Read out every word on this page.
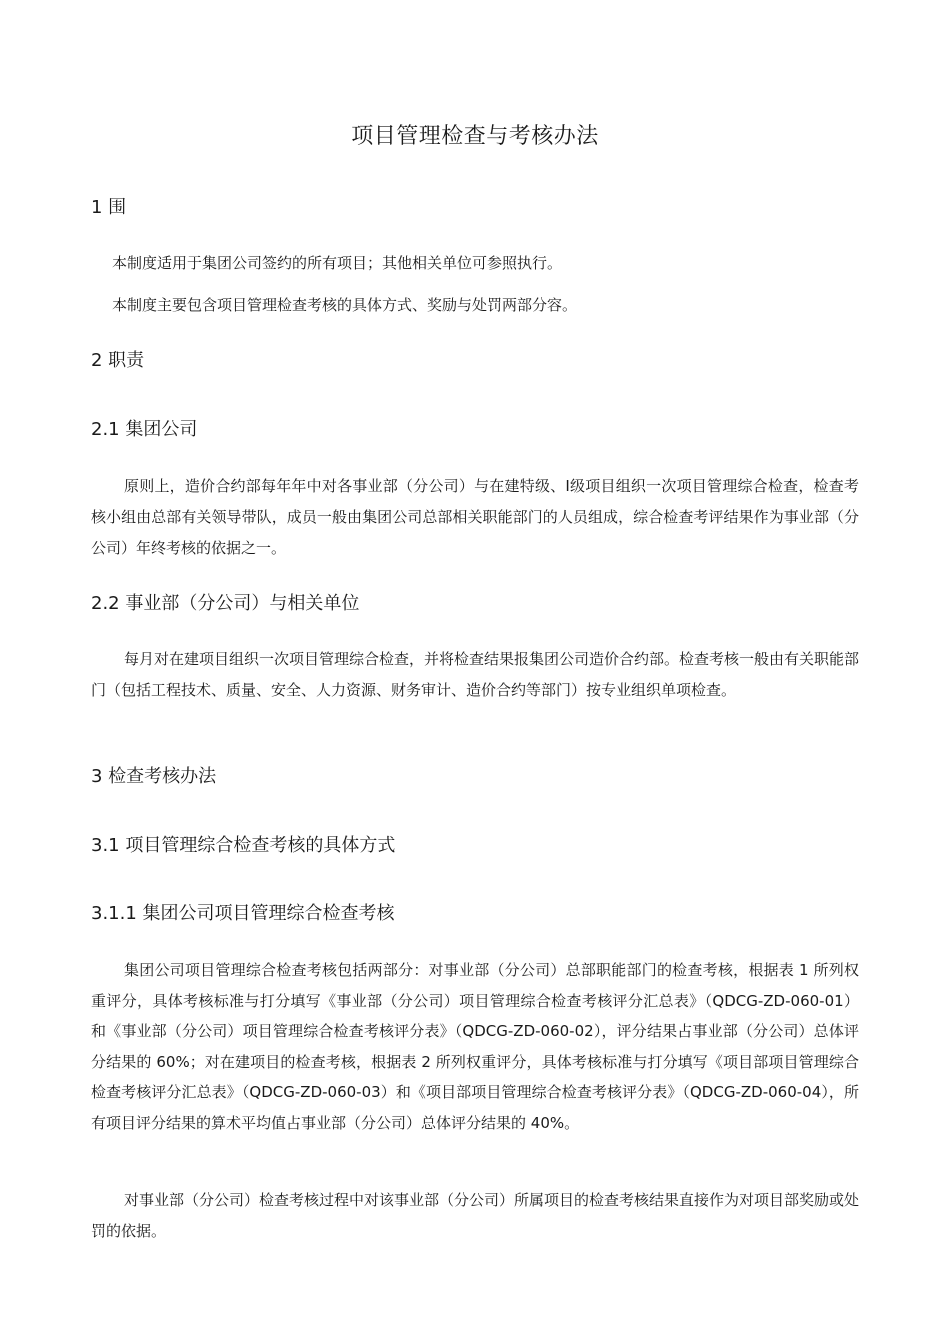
项目管理检查与考核办法
1 围
本制度适用于集团公司签约的所有项目；其他相关单位可参照执行。
本制度主要包含项目管理检查考核的具体方式、奖励与处罚两部分容。
2 职责
2.1 集团公司
原则上，造价合约部每年年中对各事业部（分公司）与在建特级、Ⅰ级项目组织一次项目管理综合检查，检查考核小组由总部有关领导带队，成员一般由集团公司总部相关职能部门的人员组成，综合检查考评结果作为事业部（分公司）年终考核的依据之一。
2.2 事业部（分公司）与相关单位
每月对在建项目组织一次项目管理综合检查，并将检查结果报集团公司造价合约部。检查考核一般由有关职能部门（包括工程技术、质量、安全、人力资源、财务审计、造价合约等部门）按专业组织单项检查。
3 检查考核办法
3.1 项目管理综合检查考核的具体方式
3.1.1 集团公司项目管理综合检查考核
集团公司项目管理综合检查考核包括两部分：对事业部（分公司）总部职能部门的检查考核，根据表 1 所列权重评分，具体考核标准与打分填写《事业部（分公司）项目管理综合检查考核评分汇总表》（QDCG-ZD-060-01）和《事业部（分公司）项目管理综合检查考核评分表》（QDCG-ZD-060-02），评分结果占事业部（分公司）总体评分结果的 60%；对在建项目的检查考核，根据表 2 所列权重评分，具体考核标准与打分填写《项目部项目管理综合检查考核评分汇总表》（QDCG-ZD-060-03）和《项目部项目管理综合检查考核评分表》（QDCG-ZD-060-04），所有项目评分结果的算术平均值占事业部（分公司）总体评分结果的 40%。
对事业部（分公司）检查考核过程中对该事业部（分公司）所属项目的检查考核结果直接作为对项目部奖励或处罚的依据。
